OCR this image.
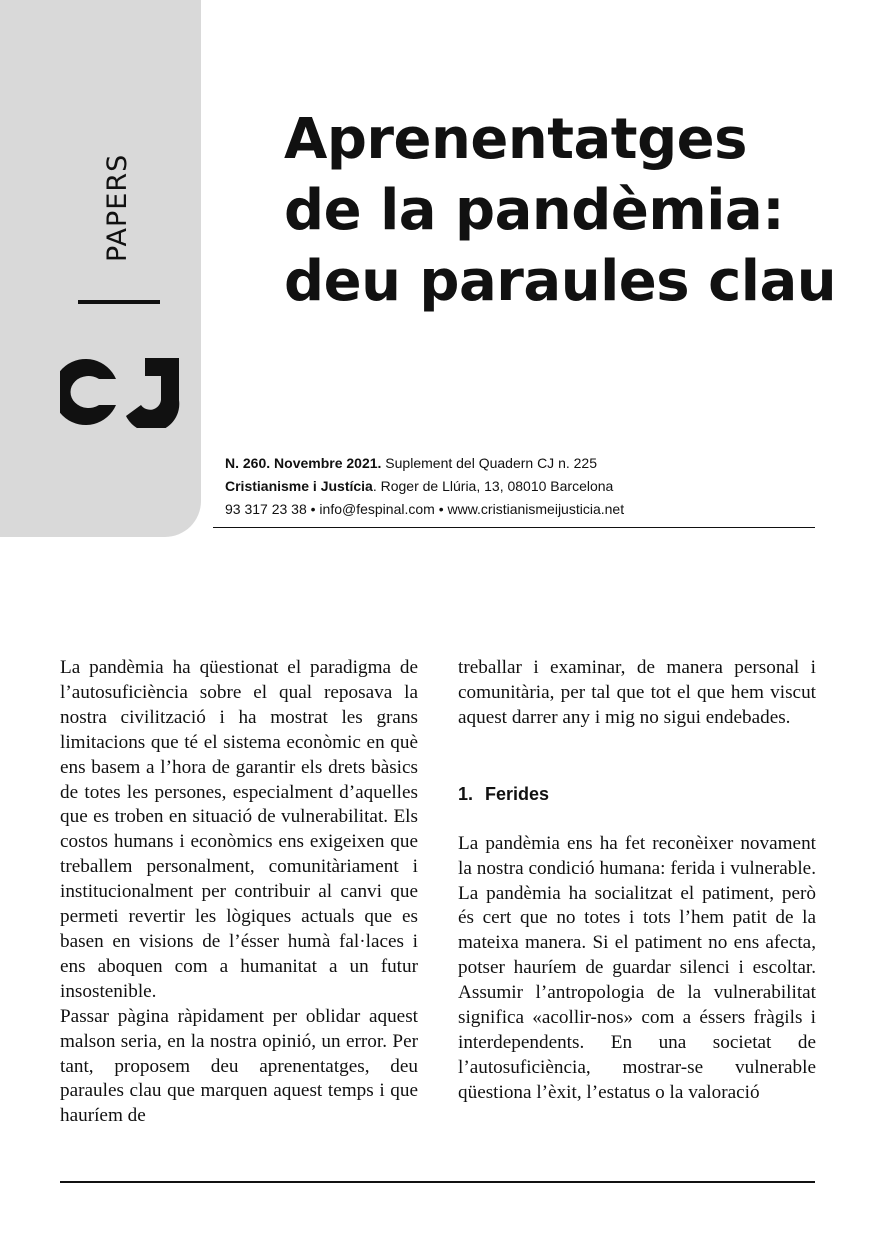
PAPERS
Aprenentatges
de la pandèmia:
deu paraules clau
N. 260. Novembre 2021. Suplement del Quadern CJ n. 225
Cristianisme i Justícia. Roger de Llúria, 13, 08010 Barcelona
93 317 23 38 • info@fespinal.com • www.cristianismeijusticia.net

La pandèmia ha qüestionat el paradigma de l’autosuficiència sobre el qual reposava la nostra civilització i ha mostrat les grans limitacions que té el sistema econòmic en què ens basem a l’hora de garantir els drets bàsics de totes les persones, especialment d’aquelles que es troben en situació de vulnerabilitat. Els costos humans i econòmics ens exigeixen que treballem personalment, comunitàriament i institucionalment per contribuir al canvi que permeti revertir les lògiques actuals que es basen en visions de l’ésser humà fal·laces i ens aboquen com a humanitat a un futur insostenible.

Passar pàgina ràpidament per oblidar aquest malson seria, en la nostra opinió, un error. Per tant, proposem deu aprenentatges, deu paraules clau que marquen aquest temps i que hauríem de

treballar i examinar, de manera personal i comunitària, per tal que tot el que hem viscut aquest darrer any i mig no sigui endebades.

1. Ferides

La pandèmia ens ha fet reconèixer novament la nostra condició humana: ferida i vulnerable. La pandèmia ha socialitzat el patiment, però és cert que no totes i tots l’hem patit de la mateixa manera. Si el patiment no ens afecta, potser hauríem de guardar silenci i escoltar. Assumir l’antropologia de la vulnerabilitat significa «acollir-nos» com a éssers fràgils i interdependents. En una societat de l’autosuficiència, mostrar-se vulnerable qüestiona l’èxit, l’estatus o la valoració
